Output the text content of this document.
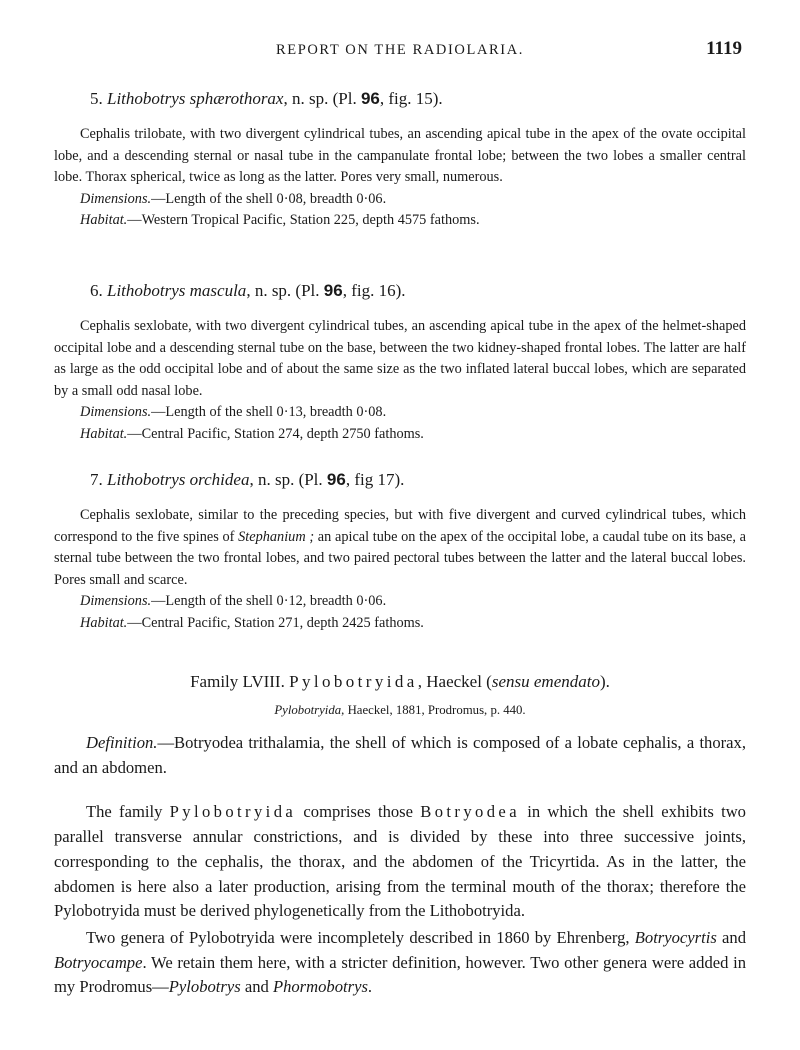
REPORT ON THE RADIOLARIA.	1119
5. Lithobotrys sphærothorax, n. sp. (Pl. 96, fig. 15).

Cephalis trilobate, with two divergent cylindrical tubes, an ascending apical tube in the apex of the ovate occipital lobe, and a descending sternal or nasal tube in the campanulate frontal lobe; between the two lobes a smaller central lobe. Thorax spherical, twice as long as the latter. Pores very small, numerous.

Dimensions.—Length of the shell 0·08, breadth 0·06.

Habitat.—Western Tropical Pacific, Station 225, depth 4575 fathoms.

6. Lithobotrys mascula, n. sp. (Pl. 96, fig. 16).

Cephalis sexlobate, with two divergent cylindrical tubes, an ascending apical tube in the apex of the helmet-shaped occipital lobe and a descending sternal tube on the base, between the two kidney-shaped frontal lobes. The latter are half as large as the odd occipital lobe and of about the same size as the two inflated lateral buccal lobes, which are separated by a small odd nasal lobe.

Dimensions.—Length of the shell 0·13, breadth 0·08.

Habitat.—Central Pacific, Station 274, depth 2750 fathoms.

7. Lithobotrys orchidea, n. sp. (Pl. 96, fig 17).

Cephalis sexlobate, similar to the preceding species, but with five divergent and curved cylindrical tubes, which correspond to the five spines of Stephanium ; an apical tube on the apex of the occipital lobe, a caudal tube on its base, a sternal tube between the two frontal lobes, and two paired pectoral tubes between the latter and the lateral buccal lobes. Pores small and scarce.

Dimensions.—Length of the shell 0·12, breadth 0·06.

Habitat.—Central Pacific, Station 271, depth 2425 fathoms.

Family LVIII. Pylobotryida, Haeckel (sensu emendato).
Pylobotryida, Haeckel, 1881, Prodromus, p. 440.

Definition.—Botryodea trithalamia, the shell of which is composed of a lobate cephalis, a thorax, and an abdomen.

The family Pylobotryida comprises those Botryodea in which the shell exhibits two parallel transverse annular constrictions, and is divided by these into three successive joints, corresponding to the cephalis, the thorax, and the abdomen of the Tricyrtida. As in the latter, the abdomen is here also a later production, arising from the terminal mouth of the thorax; therefore the Pylobotryida must be derived phylogenetically from the Lithobotryida.

Two genera of Pylobotryida were incompletely described in 1860 by Ehrenberg, Botryocyrtis and Botryocampe. We retain them here, with a stricter definition, however. Two other genera were added in my Prodromus—Pylobotrys and Phormobotrys.
